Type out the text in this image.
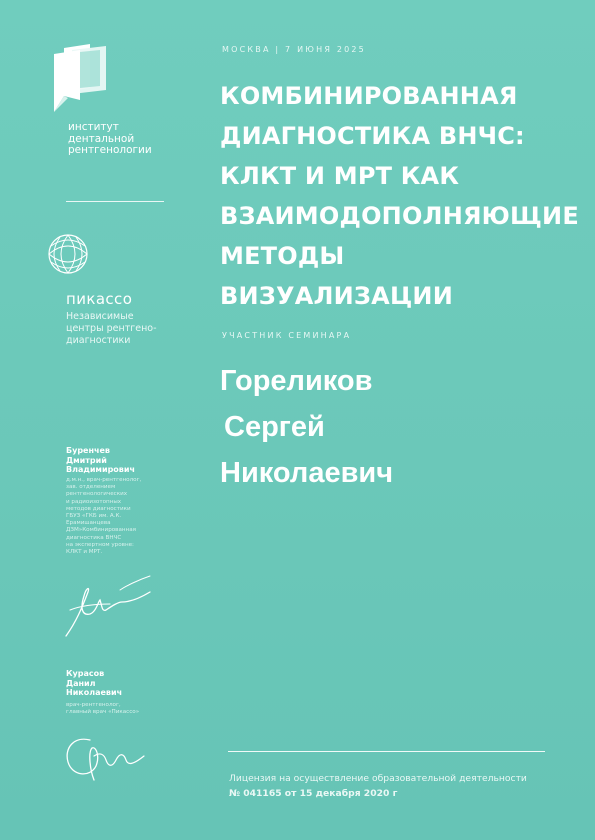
институт
дентальной
рентгенологии
пикассо
Независимые
центры рентгено-
диагностики
Буренчев
Дмитрий
Владимирович
д.м.н., врач-рентгенолог,
зав. отделением
рентгенологических
и радиоизотопных
методов диагностики
ГБУЗ «ГКБ им. А.К.
Ерамишанцева
ДЗМ»Комбинированная
диагностика ВНЧС
на экспертном уровне:
КЛКТ и МРТ.
Курасов
Данил
Николаевич
врач-рентгенолог,
главный врач «Пикассо»
МОСКВА | 7 ИЮНЯ 2025
КОМБИНИРОВАННАЯ
ДИАГНОСТИКА ВНЧС:
КЛКТ И МРТ КАК
ВЗАИМОДОПОЛНЯЮЩИЕ
МЕТОДЫ ВИЗУАЛИЗАЦИИ
УЧАСТНИК СЕМИНАРА
Гореликов
Сергей
Николаевич
Лицензия на осуществление образовательной деятельности
№ 041165 от 15 декабря 2020 г
